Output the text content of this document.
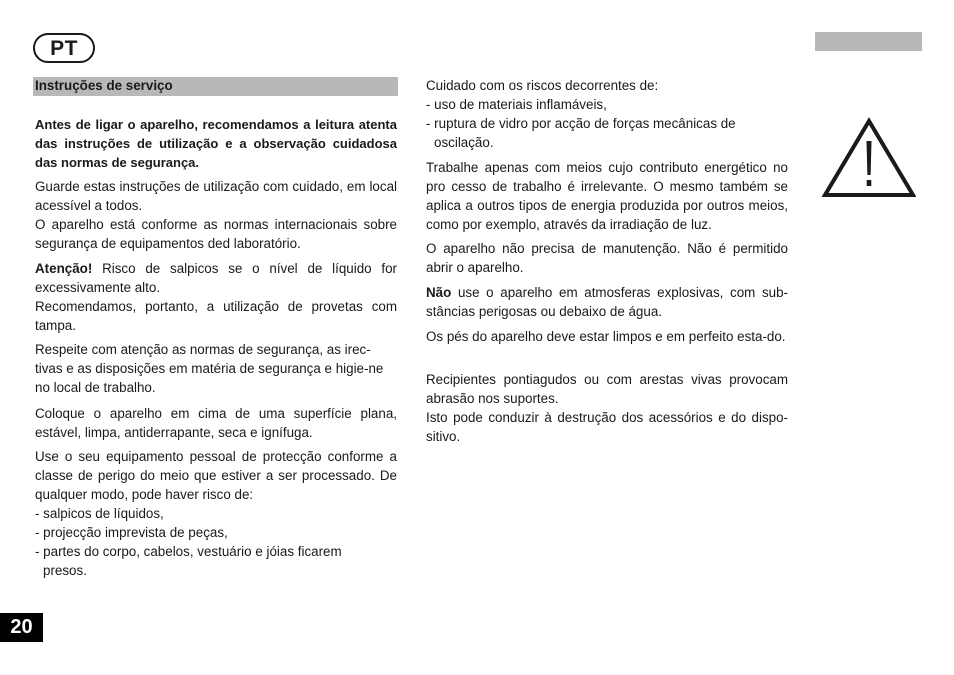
PT
Instruções de serviço

Antes de ligar o aparelho, recomendamos a leitura atenta das instruções de utilização e a observação cuidadosa das normas de segurança.

Guarde estas instruções de utilização com cuidado, em local acessível a todos.

O aparelho está conforme as normas internacionais sobre segurança de equipamentos ded laboratório.

Atenção! Risco de salpicos se o nível de líquido for excessivamente alto.

Recomendamos, portanto, a utilização de provetas com tampa.

Respeite com atenção as normas de segurança, as irec-tivas e as disposições em matéria de segurança e higie-ne no local de trabalho.

Coloque o aparelho em cima de uma superfície plana, estável, limpa, antiderrapante, seca e ignífuga.

Use o seu equipamento pessoal de protecção conforme a classe de perigo do meio que estiver a ser processado. De qualquer modo, pode haver risco de:

- salpicos de líquidos,

- projecção imprevista de peças,

- partes do corpo, cabelos, vestuário e jóias ficarem presos.

Cuidado com os riscos decorrentes de:

- uso de materiais inflamáveis,

- ruptura de vidro por acção de forças mecânicas de oscilação.

Trabalhe apenas com meios cujo contributo energético no pro cesso de trabalho é irrelevante. O mesmo também se aplica a outros tipos de energia produzida por outros meios, como por exemplo, através da irradiação de luz.

O aparelho não precisa de manutenção. Não é permitido abrir o aparelho.

Não use o aparelho em atmosferas explosivas, com sub-stâncias perigosas ou debaixo de água.

Os pés do aparelho deve estar limpos e em perfeito esta-do.

Recipientes pontiagudos ou com arestas vivas provocam abrasão nos suportes.

Isto pode conduzir à destrução dos acessórios e do dispo-sitivo.

20
